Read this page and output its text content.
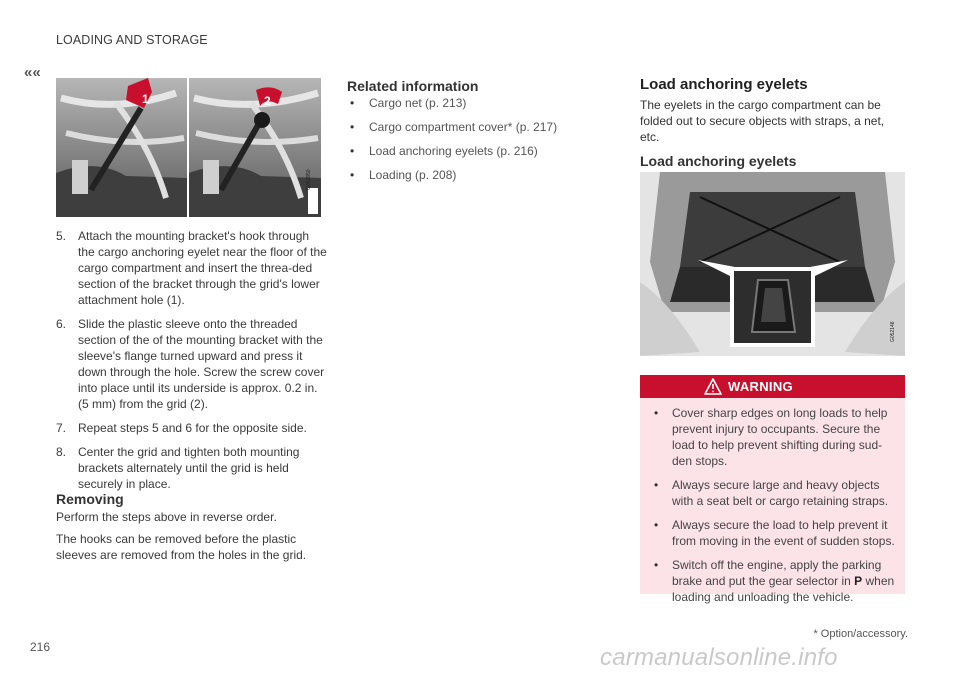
LOADING AND STORAGE
««
216
* Option/accessory.
carmanualsonline.info
1	2
G052850
5. Attach the mounting bracket's hook through the cargo anchoring eyelet near the floor of the cargo compartment and insert the threa-ded section of the bracket through the grid's lower attachment hole (1).
6. Slide the plastic sleeve onto the threaded section of the of the mounting bracket with the sleeve's flange turned upward and press it down through the hole. Screw the screw cover into place until its underside is approx. 0.2 in. (5 mm) from the grid (2).
7. Repeat steps 5 and 6 for the opposite side.
8. Center the grid and tighten both mounting brackets alternately until the grid is held securely in place.
Removing

Perform the steps above in reverse order.

The hooks can be removed before the plastic sleeves are removed from the holes in the grid.

Related information
• Cargo net (p. 213)
• Cargo compartment cover* (p. 217)
• Load anchoring eyelets (p. 216)
• Loading (p. 208)
Load anchoring eyelets

The eyelets in the cargo compartment can be folded out to secure objects with straps, a net, etc.

Load anchoring eyelets
G052148
WARNING
• Cover sharp edges on long loads to help prevent injury to occupants. Secure the load to help prevent shifting during sud-den stops.
• Always secure large and heavy objects with a seat belt or cargo retaining straps.
• Always secure the load to help prevent it from moving in the event of sudden stops.
• Switch off the engine, apply the parking brake and put the gear selector in P when loading and unloading the vehicle.
